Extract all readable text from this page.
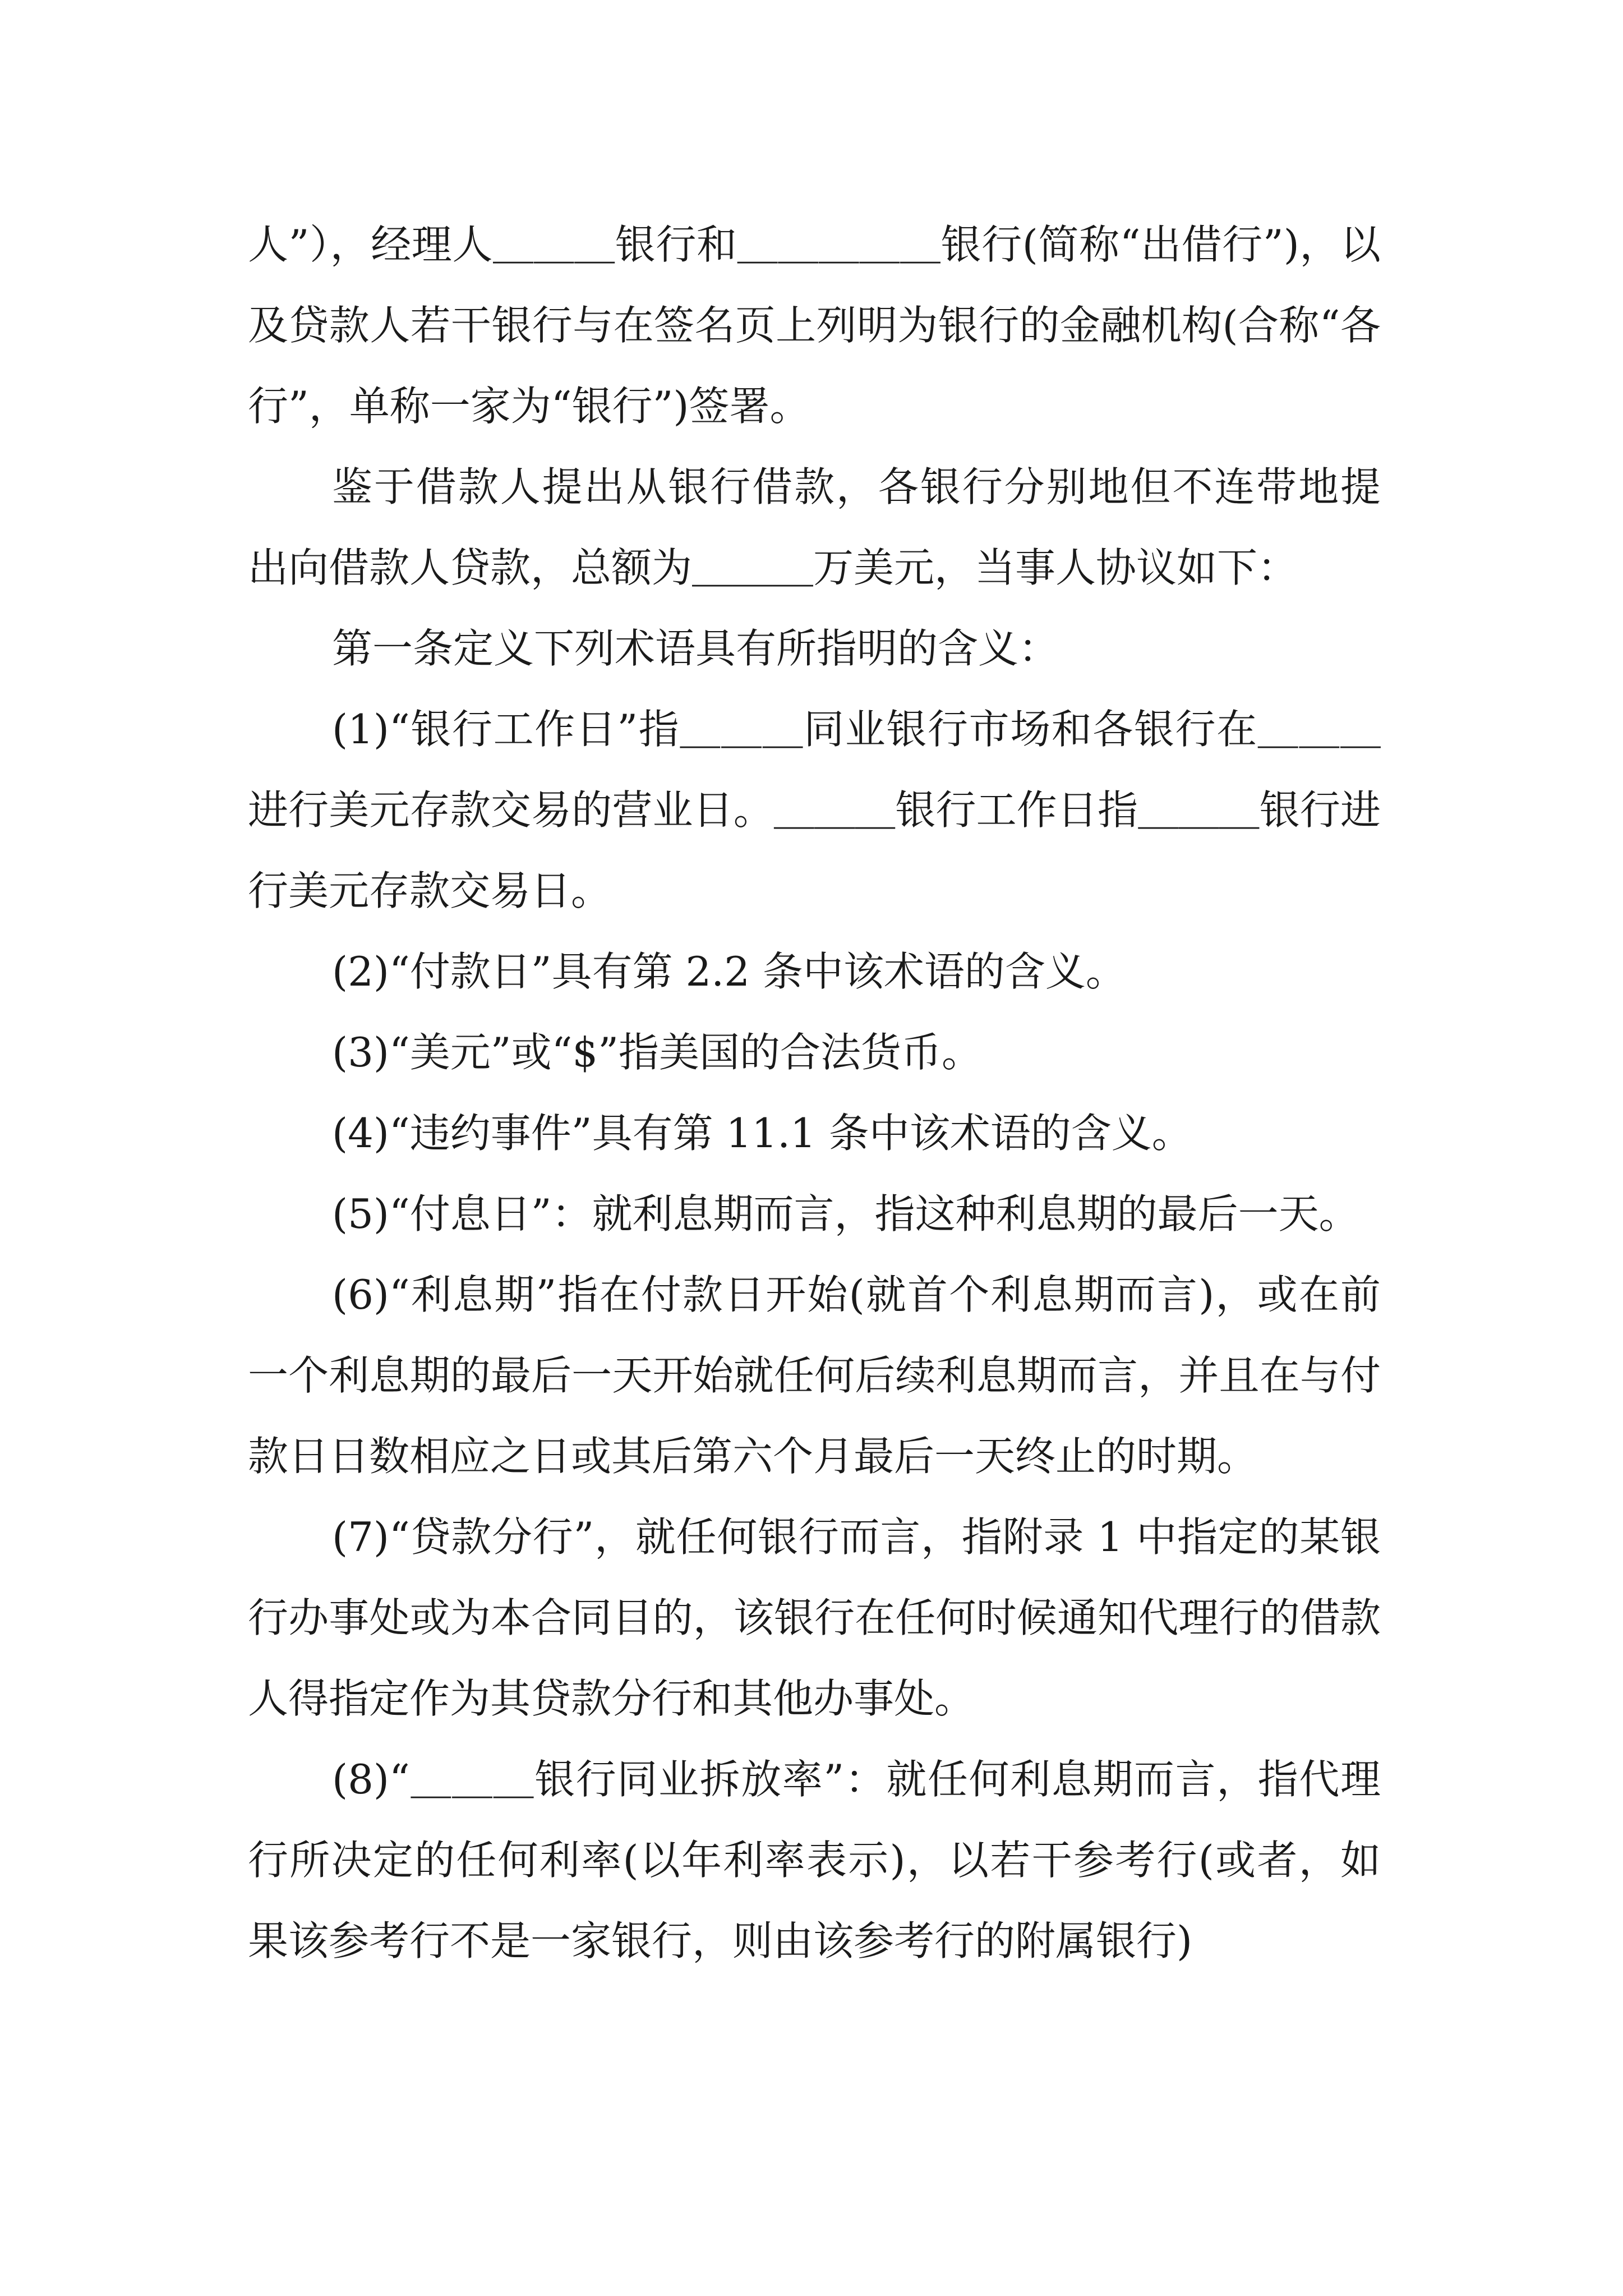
人”），经理人＿＿＿银行和＿＿＿＿＿银行(简称“出借行”)，以及贷款人若干银行与在签名页上列明为银行的金融机构(合称“各行”，单称一家为“银行”)签署。

鉴于借款人提出从银行借款，各银行分别地但不连带地提出向借款人贷款，总额为＿＿＿万美元，当事人协议如下：

第一条定义下列术语具有所指明的含义：

(1)“银行工作日”指＿＿＿同业银行市场和各银行在＿＿＿进行美元存款交易的营业日。＿＿＿银行工作日指＿＿＿银行进行美元存款交易日。

(2)“付款日”具有第 2.2 条中该术语的含义。

(3)“美元”或“$”指美国的合法货币。

(4)“违约事件”具有第 11.1 条中该术语的含义。

(5)“付息日”：就利息期而言，指这种利息期的最后一天。

(6)“利息期”指在付款日开始(就首个利息期而言)，或在前一个利息期的最后一天开始就任何后续利息期而言，并且在与付款日日数相应之日或其后第六个月最后一天终止的时期。

(7)“贷款分行”，就任何银行而言，指附录 1 中指定的某银行办事处或为本合同目的，该银行在任何时候通知代理行的借款人得指定作为其贷款分行和其他办事处。

(8)“＿＿＿银行同业拆放率”：就任何利息期而言，指代理行所决定的任何利率(以年利率表示)，以若干参考行(或者，如果该参考行不是一家银行，则由该参考行的附属银行)
